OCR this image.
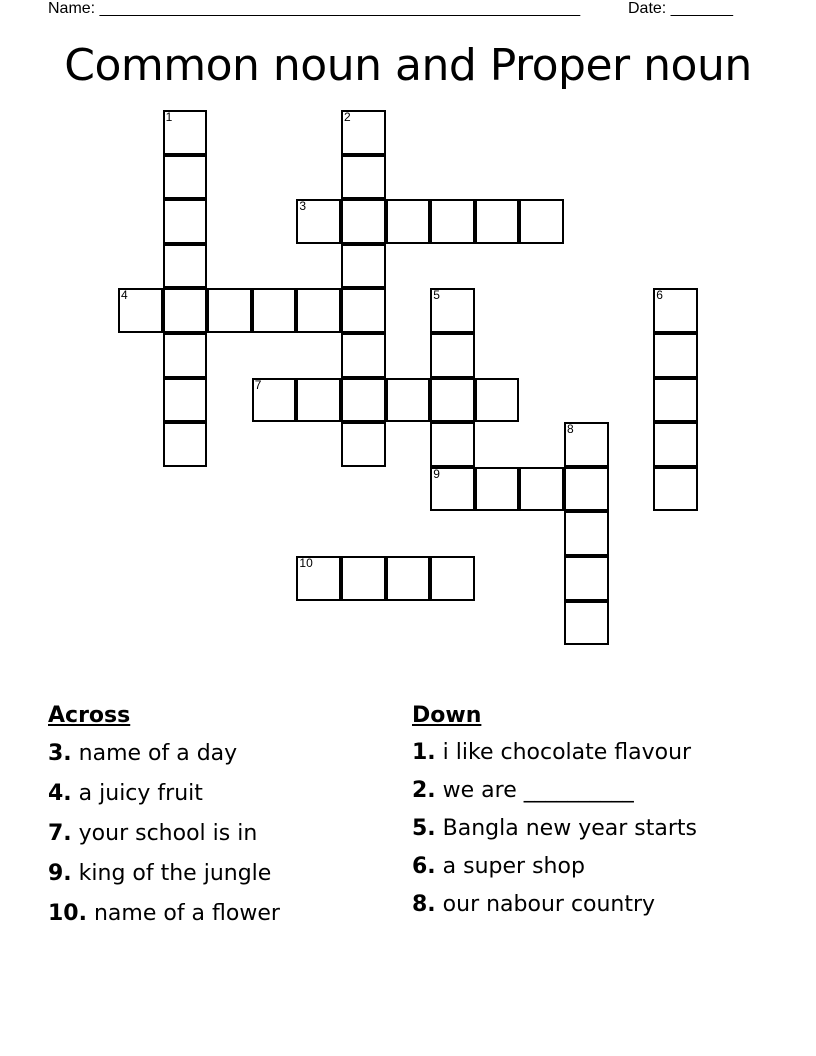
Name: ______________________________________________________	Date: _______
Common noun and Proper noun
1	2
3
4	5
9
6
7
8
10

Across

3. name of a day

4. a juicy fruit

7. your school is in

9. king of the jungle

10. name of a flower

Down

1. i like chocolate flavour

2. we are __________

5. Bangla new year starts

6. a super shop

8. our nabour country
